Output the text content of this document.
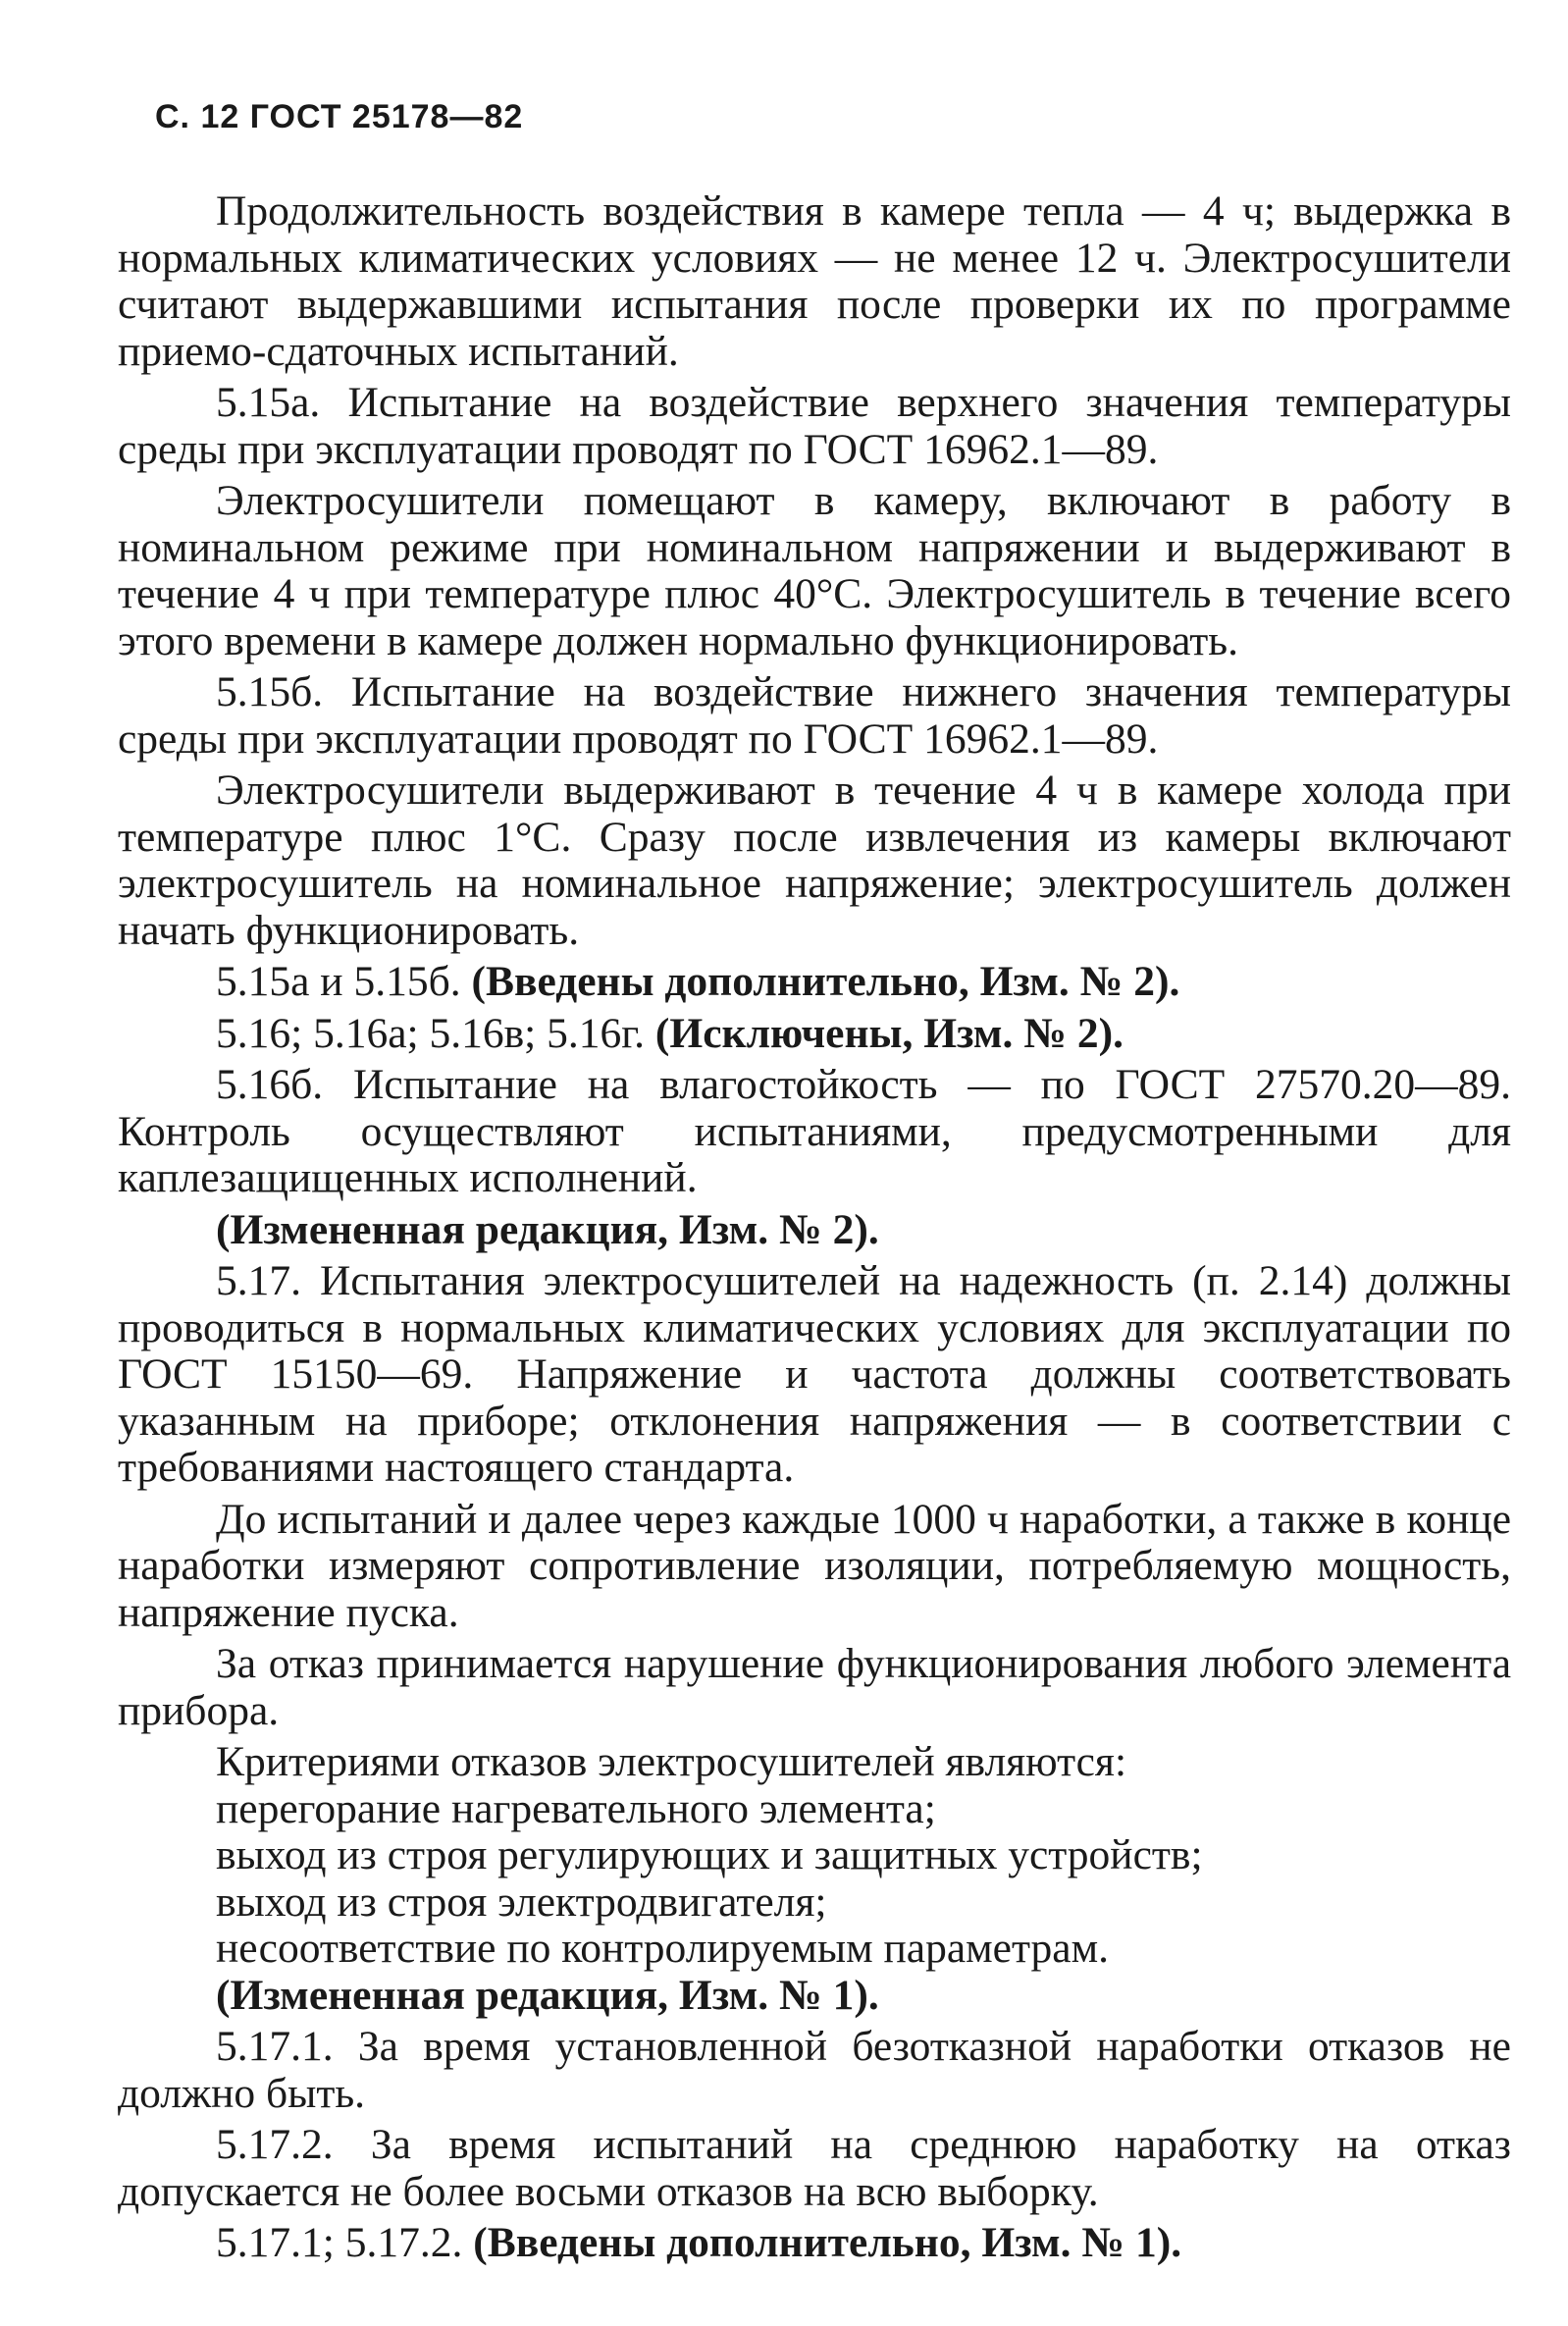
С. 12 ГОСТ 25178—82

Продолжительность воздействия в камере тепла — 4 ч; выдержка в нормальных климатических условиях — не менее 12 ч. Электросушители считают выдержавшими испытания после проверки их по программе приемо-сдаточных испытаний.

5.15а. Испытание на воздействие верхнего значения температуры среды при эксплуатации проводят по ГОСТ 16962.1—89.

Электросушители помещают в камеру, включают в работу в номинальном режиме при номинальном напряжении и выдерживают в течение 4 ч при температуре плюс 40°С. Электросушитель в течение всего этого времени в камере должен нормально функционировать.

5.15б. Испытание на воздействие нижнего значения температуры среды при эксплуатации проводят по ГОСТ 16962.1—89.

Электросушители выдерживают в течение 4 ч в камере холода при температуре плюс 1°С. Сразу после извлечения из камеры включают электросушитель на номинальное напряжение; электросушитель должен начать функционировать.

5.15а и 5.15б. (Введены дополнительно, Изм. № 2).

5.16; 5.16а; 5.16в; 5.16г. (Исключены, Изм. № 2).

5.16б. Испытание на влагостойкость — по ГОСТ 27570.20—89. Контроль осуществляют испытаниями, предусмотренными для каплезащищенных исполнений.

(Измененная редакция, Изм. № 2).

5.17. Испытания электросушителей на надежность (п. 2.14) должны проводиться в нормальных климатических условиях для эксплуатации по ГОСТ 15150—69. Напряжение и частота должны соответствовать указанным на приборе; отклонения напряжения — в соответствии с требованиями настоящего стандарта.

До испытаний и далее через каждые 1000 ч наработки, а также в конце наработки измеряют сопротивление изоляции, потребляемую мощность, напряжение пуска.

За отказ принимается нарушение функционирования любого элемента прибора.

Критериями отказов электросушителей являются:
перегорание нагревательного элемента;
выход из строя регулирующих и защитных устройств;
выход из строя электродвигателя;
несоответствие по контролируемым параметрам.
(Измененная редакция, Изм. № 1).

5.17.1. За время установленной безотказной наработки отказов не должно быть.

5.17.2. За время испытаний на среднюю наработку на отказ допускается не более восьми отказов на всю выборку.

5.17.1; 5.17.2. (Введены дополнительно, Изм. № 1).
